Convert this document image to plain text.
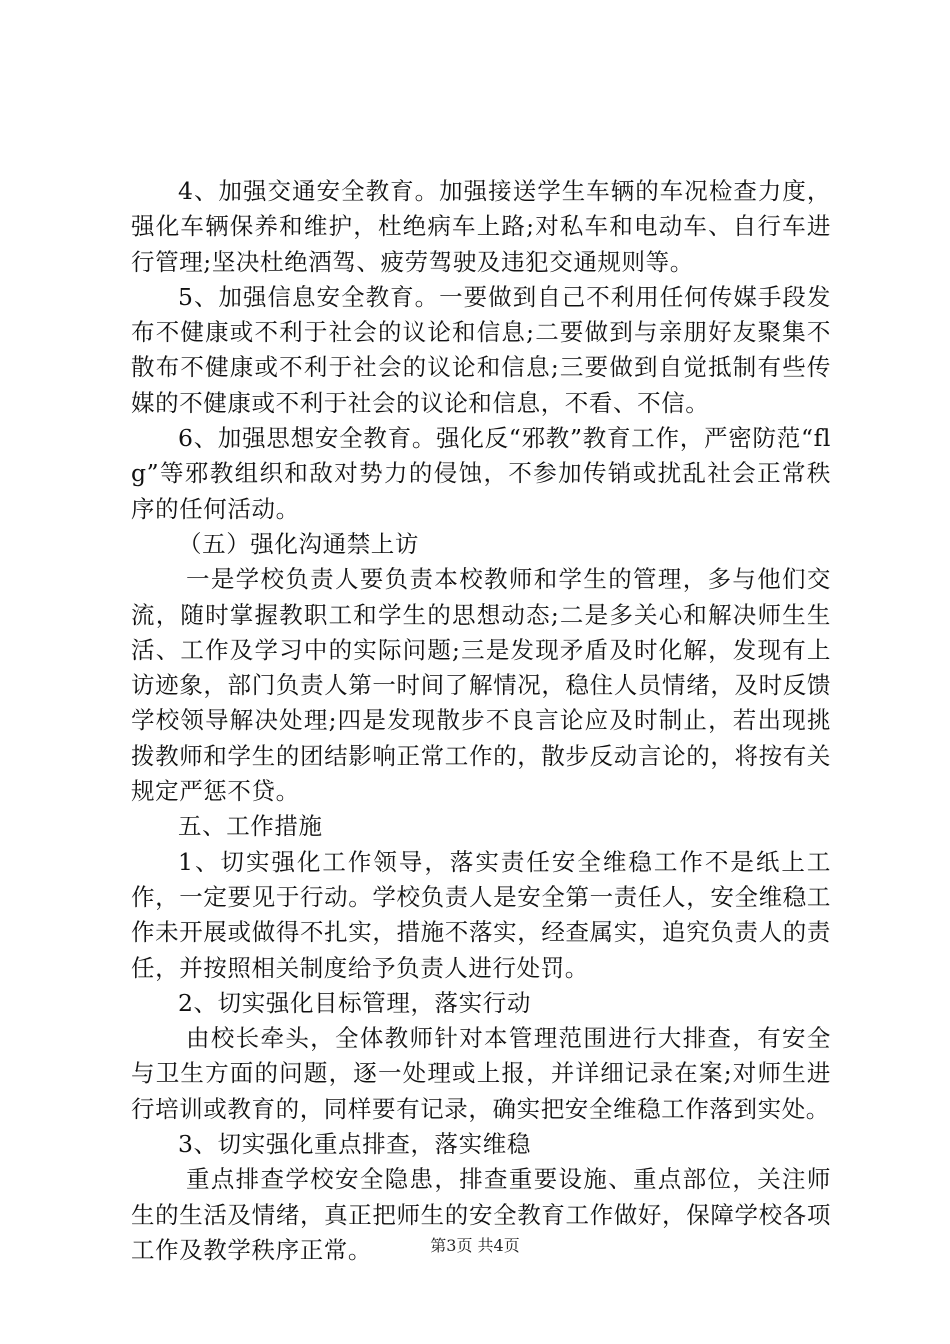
4、加强交通安全教育。加强接送学生车辆的车况检查力度，强化车辆保养和维护，杜绝病车上路;对私车和电动车、自行车进行管理;坚决杜绝酒驾、疲劳驾驶及违犯交通规则等。

5、加强信息安全教育。一要做到自己不利用任何传媒手段发布不健康或不利于社会的议论和信息;二要做到与亲朋好友聚集不散布不健康或不利于社会的议论和信息;三要做到自觉抵制有些传媒的不健康或不利于社会的议论和信息，不看、不信。

6、加强思想安全教育。强化反“邪教”教育工作，严密防范“flg”等邪教组织和敌对势力的侵蚀，不参加传销或扰乱社会正常秩序的任何活动。

（五）强化沟通禁上访

一是学校负责人要负责本校教师和学生的管理，多与他们交流，随时掌握教职工和学生的思想动态;二是多关心和解决师生生活、工作及学习中的实际问题;三是发现矛盾及时化解，发现有上访迹象，部门负责人第一时间了解情况，稳住人员情绪，及时反馈学校领导解决处理;四是发现散步不良言论应及时制止，若出现挑拨教师和学生的团结影响正常工作的，散步反动言论的，将按有关规定严惩不贷。

五、工作措施

1、切实强化工作领导，落实责任安全维稳工作不是纸上工作，一定要见于行动。学校负责人是安全第一责任人，安全维稳工作未开展或做得不扎实，措施不落实，经查属实，追究负责人的责任，并按照相关制度给予负责人进行处罚。

2、切实强化目标管理，落实行动

由校长牵头，全体教师针对本管理范围进行大排查，有安全与卫生方面的问题，逐一处理或上报，并详细记录在案;对师生进行培训或教育的，同样要有记录，确实把安全维稳工作落到实处。

3、切实强化重点排查，落实维稳

重点排查学校安全隐患，排查重要设施、重点部位，关注师生的生活及情绪，真正把师生的安全教育工作做好，保障学校各项工作及教学秩序正常。	第3页 共4页
